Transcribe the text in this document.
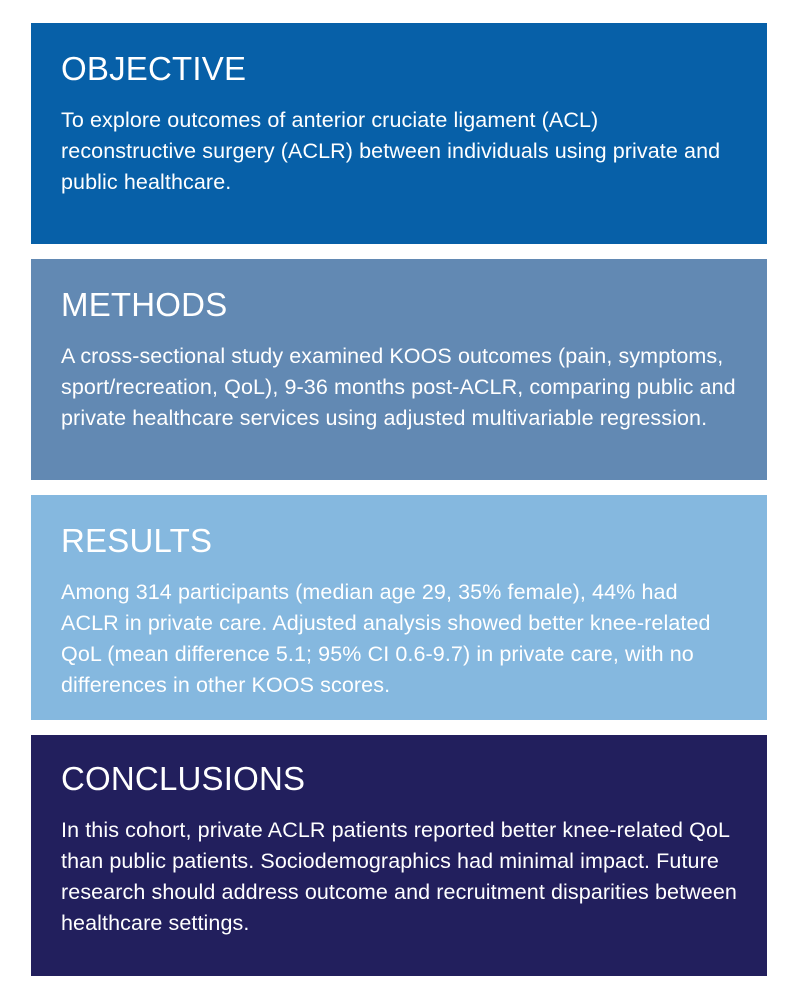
OBJECTIVE

To explore outcomes of anterior cruciate ligament (ACL) reconstructive surgery (ACLR) between individuals using private and public healthcare.

METHODS

A cross-sectional study examined KOOS outcomes (pain, symptoms, sport/recreation, QoL), 9-36 months post-ACLR, comparing public and private healthcare services using adjusted multivariable regression.

RESULTS

Among 314 participants (median age 29, 35% female), 44% had ACLR in private care. Adjusted analysis showed better knee-related QoL (mean difference 5.1; 95% CI 0.6-9.7) in private care, with no differences in other KOOS scores.

CONCLUSIONS

In this cohort, private ACLR patients reported better knee-related QoL than public patients. Sociodemographics had minimal impact. Future research should address outcome and recruitment disparities between healthcare settings.
